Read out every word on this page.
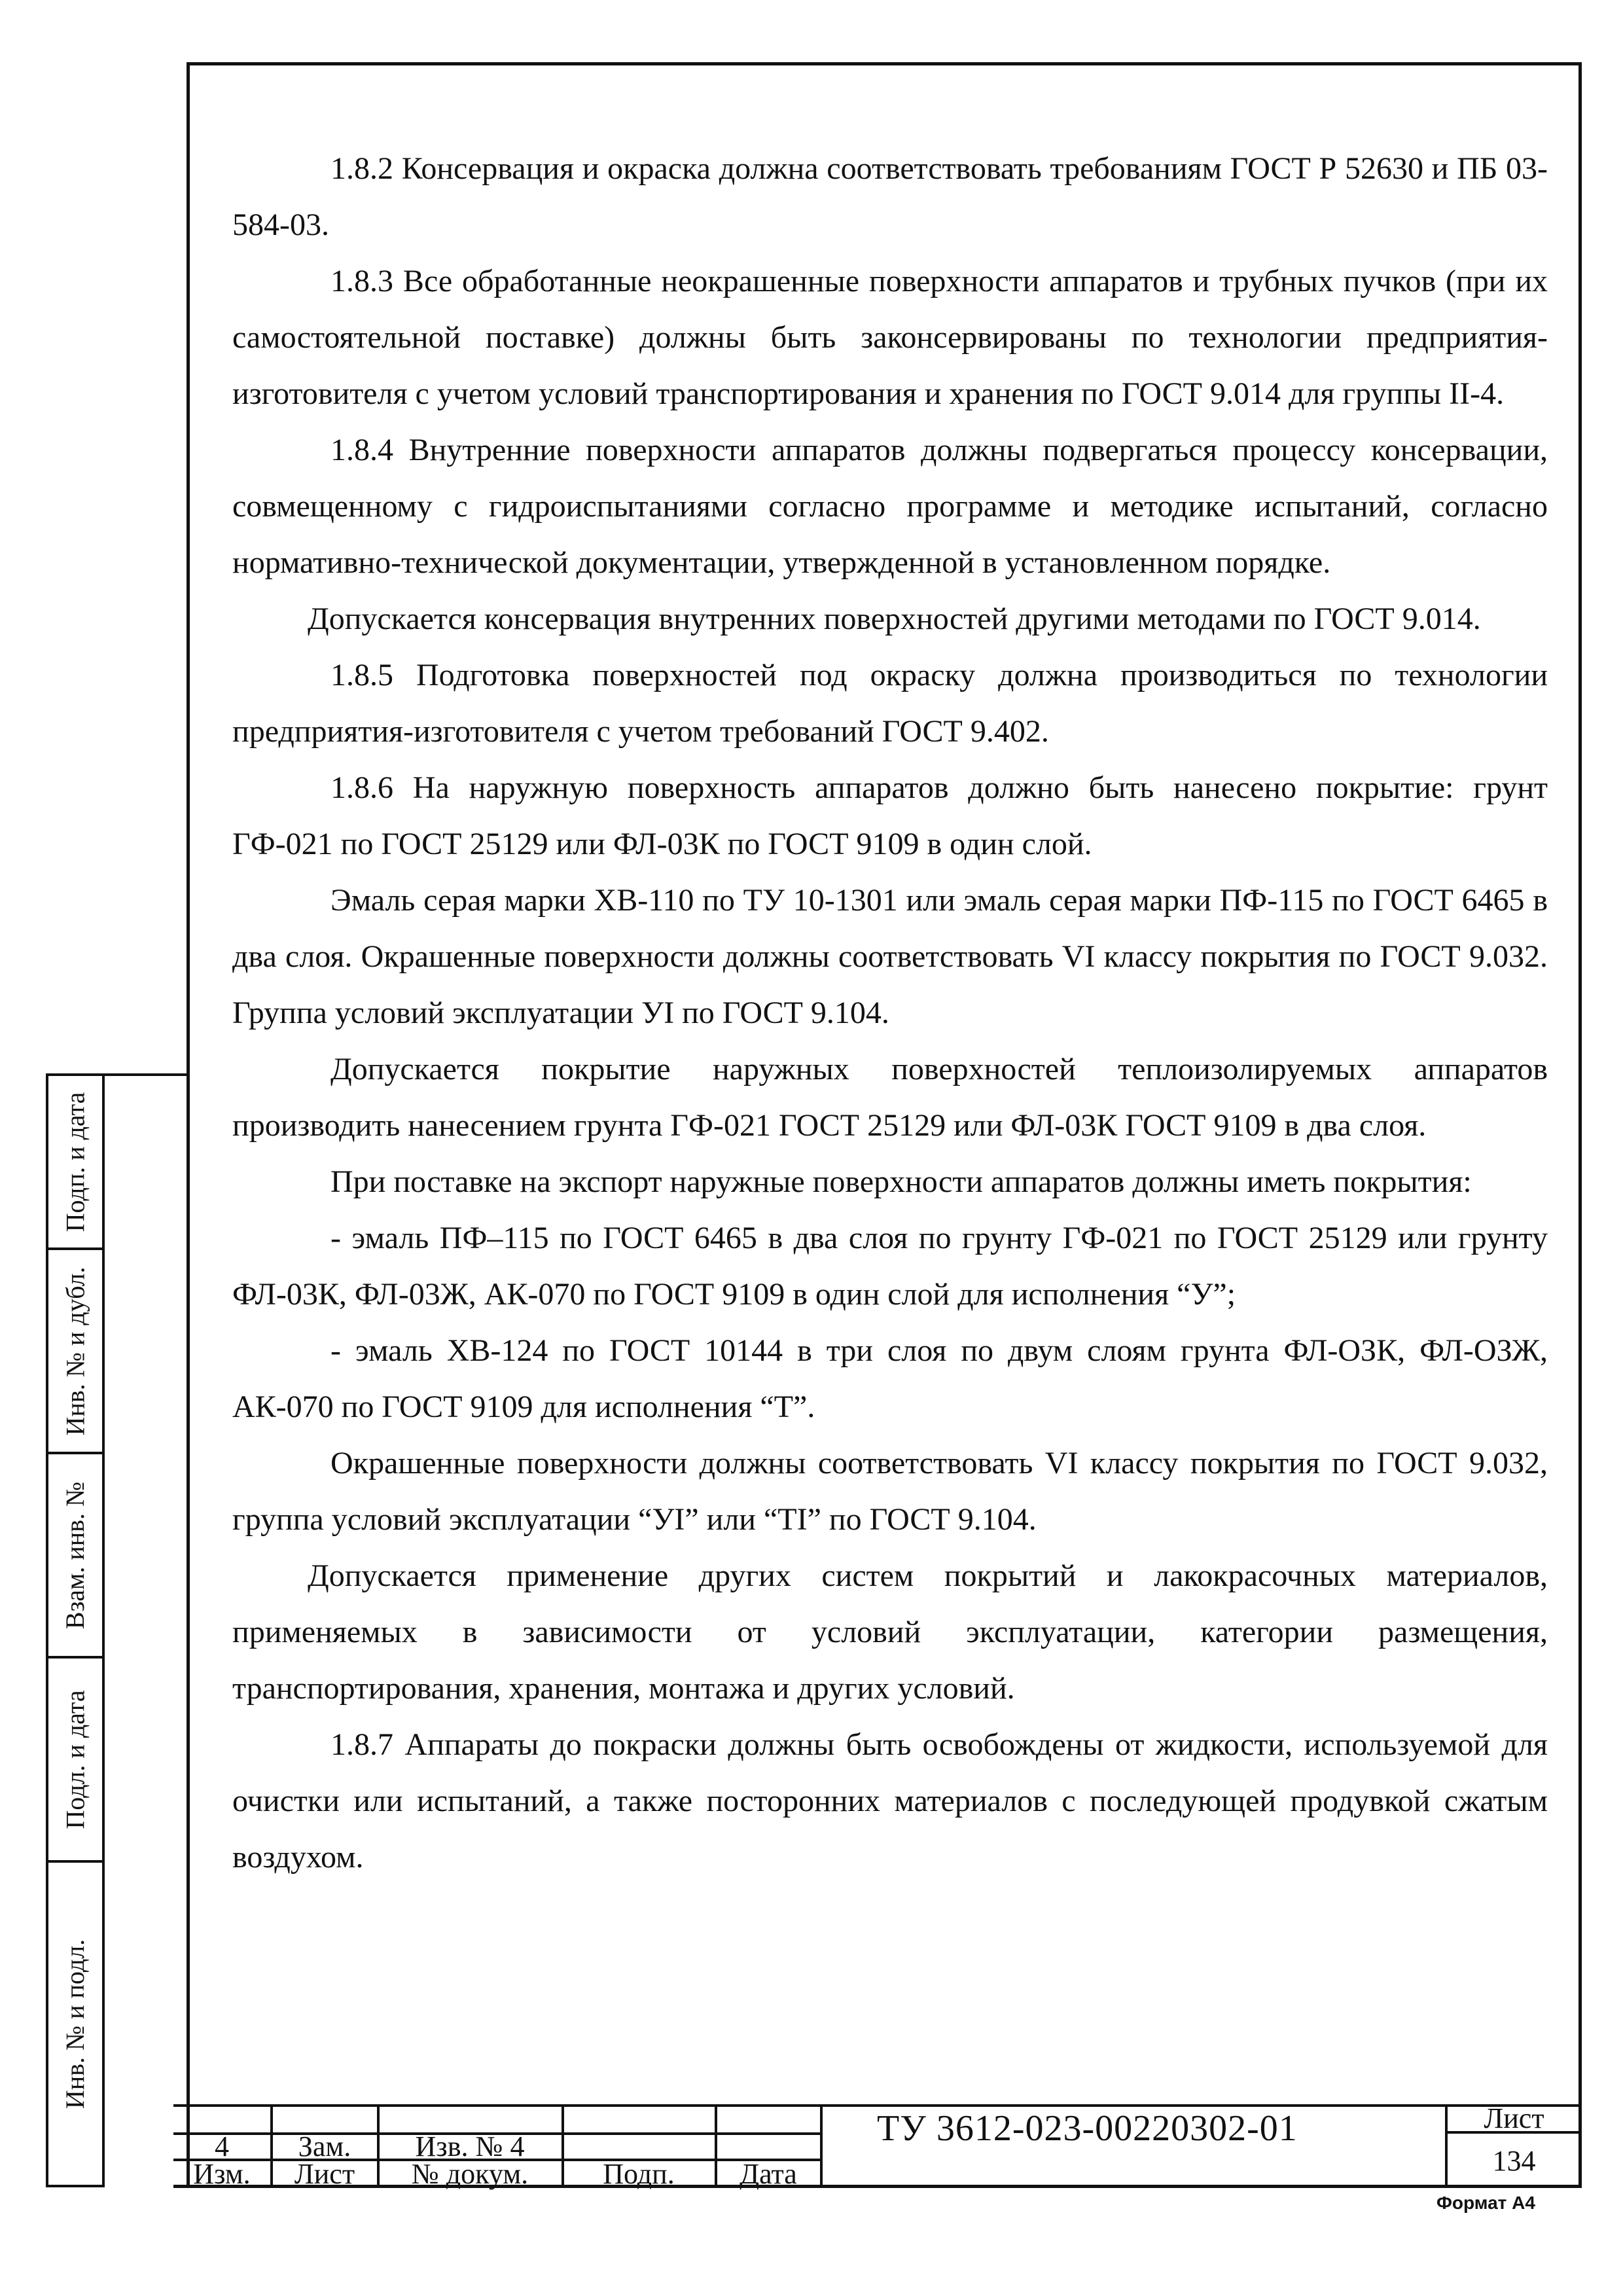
1.8.2 Консервация и окраска должна соответствовать требованиям ГОСТ Р 52630 и ПБ 03-584-03.

1.8.3 Все обработанные неокрашенные поверхности аппаратов и трубных пучков (при их самостоятельной поставке) должны быть законсервированы по технологии предприятия-изготовителя с учетом условий транспортирования и хранения по ГОСТ 9.014 для группы II-4.

1.8.4 Внутренние поверхности аппаратов должны подвергаться процессу консервации, совмещенному с гидроиспытаниями согласно программе и методике испытаний, согласно нормативно-технической документации, утвержденной в установленном порядке.

Допускается консервация внутренних поверхностей другими методами по ГОСТ 9.014.

1.8.5 Подготовка поверхностей под окраску должна производиться по технологии предприятия-изготовителя с учетом требований ГОСТ 9.402.

1.8.6 На наружную поверхность аппаратов должно быть нанесено покрытие: грунт ГФ-021 по ГОСТ 25129 или ФЛ-03К по ГОСТ 9109 в один слой.

Эмаль серая марки ХВ-110 по ТУ 10-1301 или эмаль серая марки ПФ-115 по ГОСТ 6465 в два слоя. Окрашенные поверхности должны соответствовать VI классу покрытия по ГОСТ 9.032. Группа условий эксплуатации УI по ГОСТ 9.104.

Допускается покрытие наружных поверхностей теплоизолируемых аппаратов производить нанесением грунта ГФ-021 ГОСТ 25129 или ФЛ-03К ГОСТ 9109 в два слоя.

При поставке на экспорт наружные поверхности аппаратов должны иметь покрытия:

- эмаль ПФ–115 по ГОСТ 6465 в два слоя по грунту ГФ-021 по ГОСТ 25129 или грунту ФЛ-03К, ФЛ-03Ж, АК-070 по ГОСТ 9109 в один слой для исполнения “У”;

- эмаль ХВ-124 по ГОСТ 10144 в три слоя по двум слоям грунта ФЛ-ОЗК, ФЛ-ОЗЖ, АК-070 по ГОСТ 9109 для исполнения “Т”.

Окрашенные поверхности должны соответствовать VI классу покрытия по ГОСТ 9.032, группа условий эксплуатации “УI” или “ТI” по ГОСТ 9.104.

Допускается применение других систем покрытий и лакокрасочных материалов, применяемых в зависимости от условий эксплуатации, категории размещения, транспортирования, хранения, монтажа и других условий.

1.8.7 Аппараты до покраски должны быть освобождены от жидкости, используемой для очистки или испытаний, а также посторонних материалов с последующей продувкой сжатым воздухом.

Подп. и дата
Инв. № и дубл.
Взам. инв. №
Подл. и дата
Инв. № и подл.
4	Зам.	Изв. № 4
Изм.	Лист	№ докум.	Подп.	Дата
Лист
134
ТУ 3612-023-00220302-01
Формат А4
